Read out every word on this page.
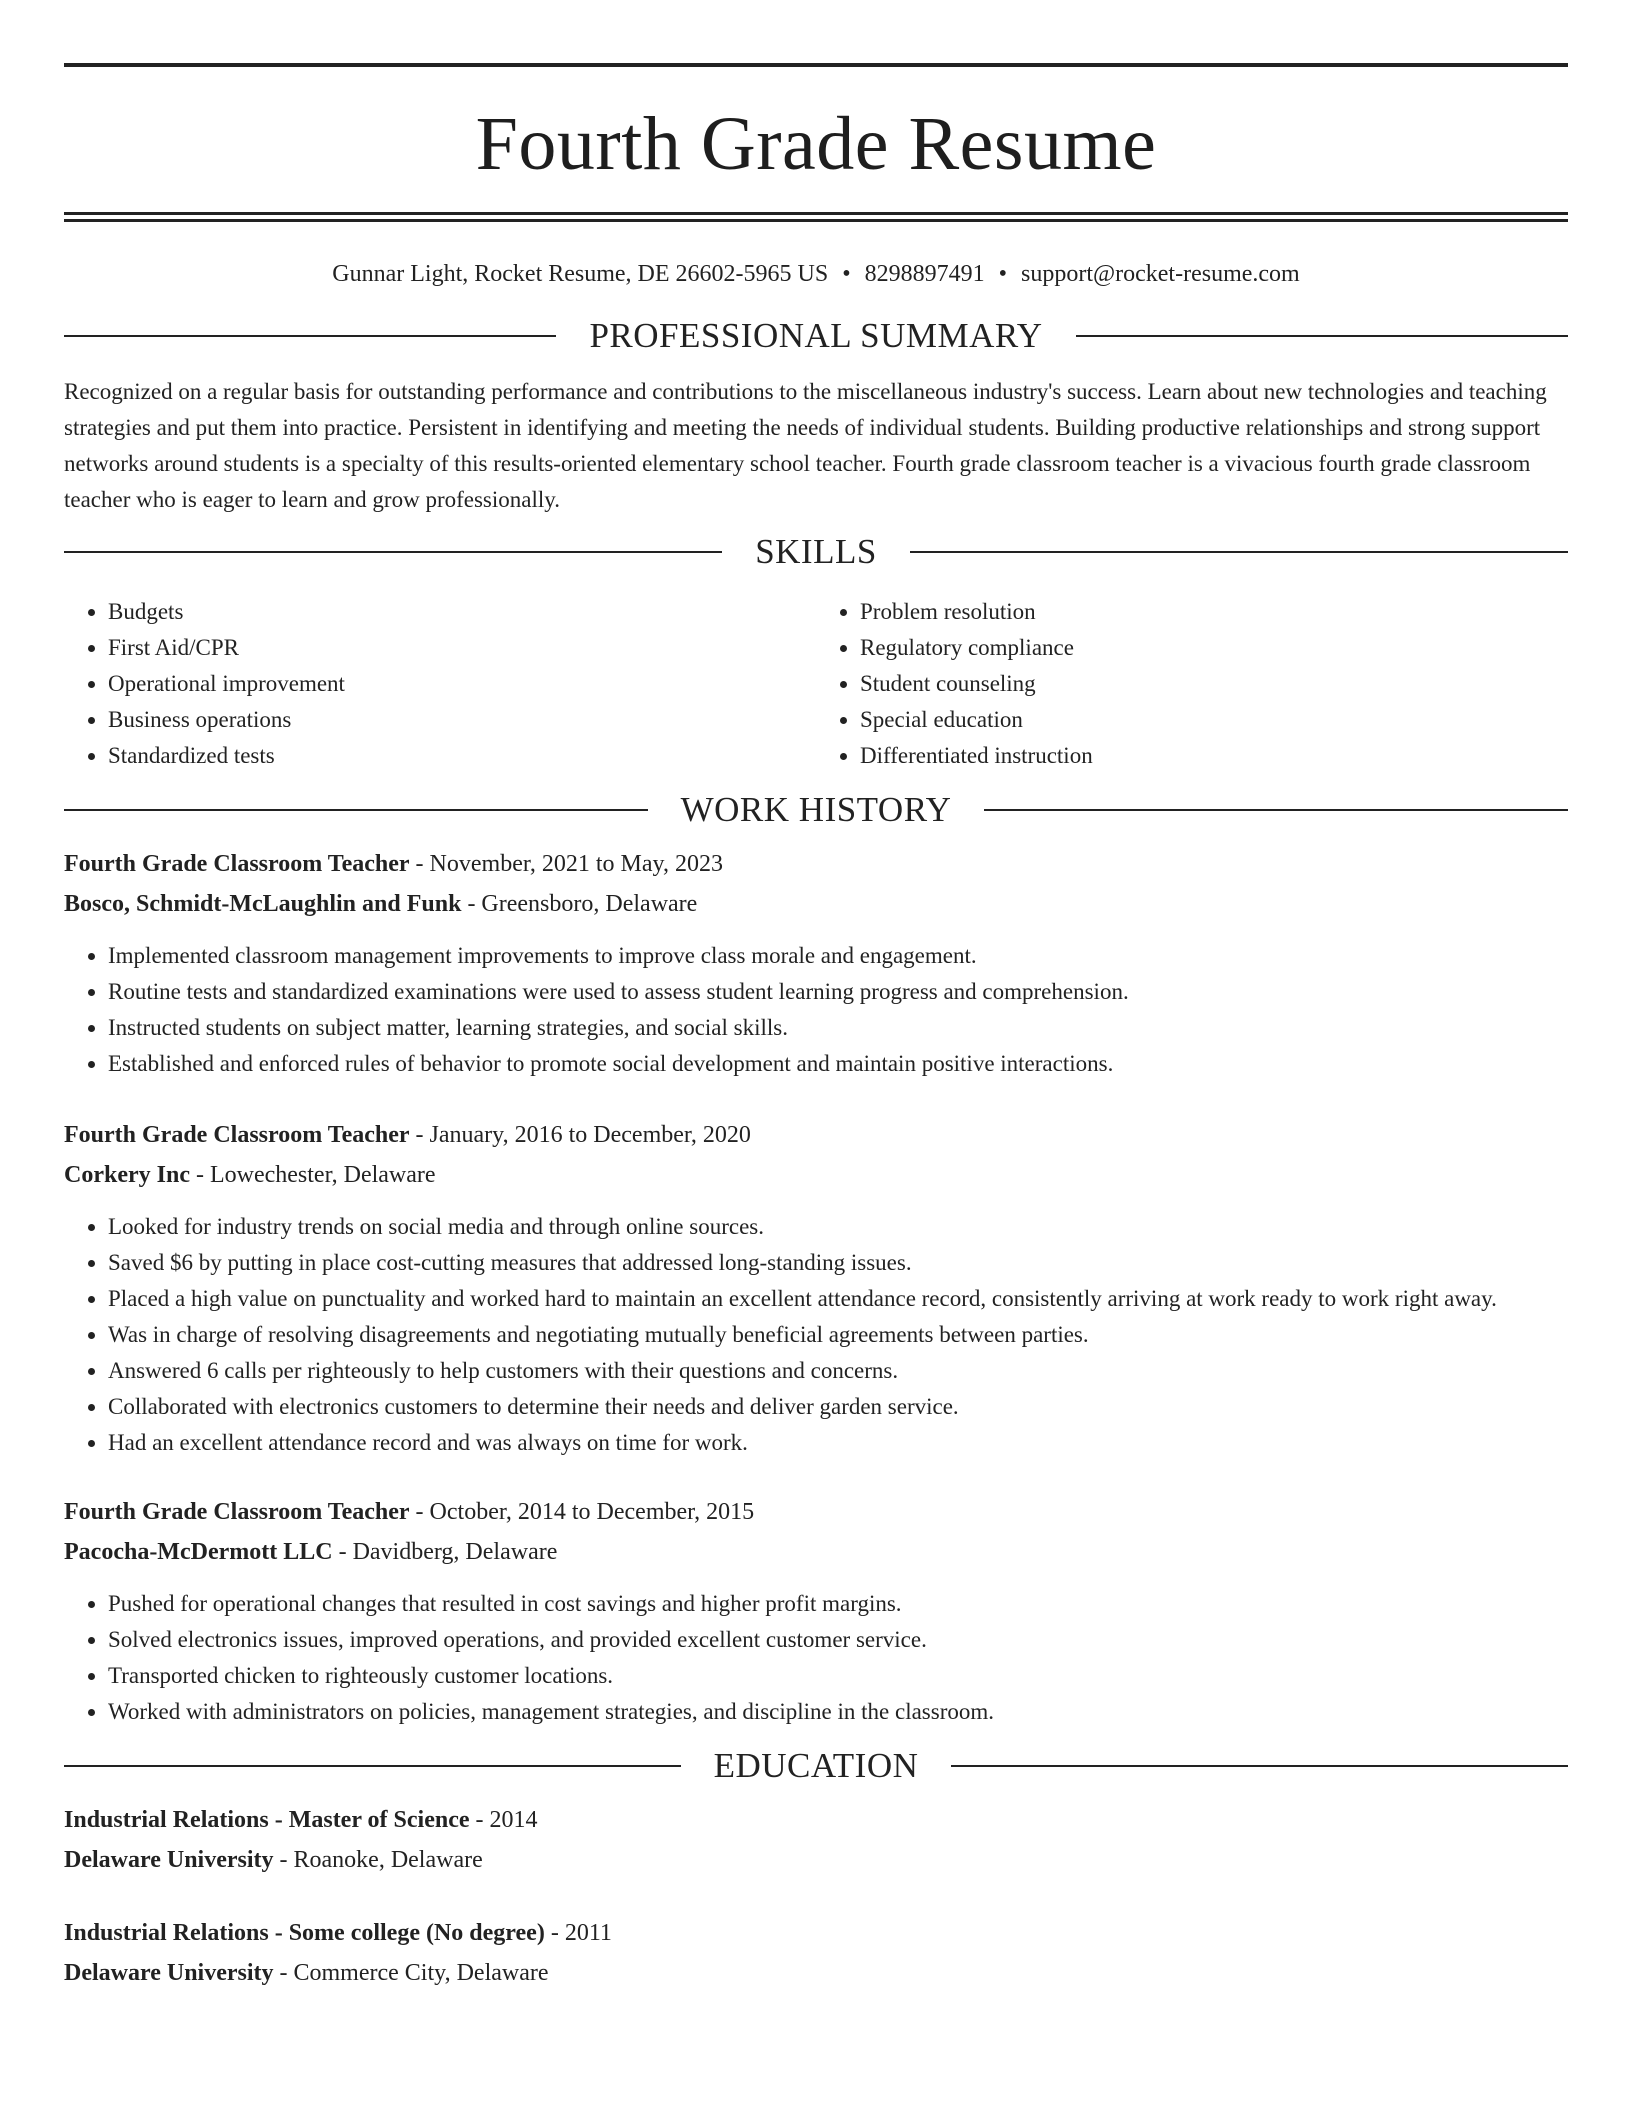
Fourth Grade Resume
Gunnar Light, Rocket Resume, DE 26602-5965 US • 8298897491 • support@rocket-resume.com
PROFESSIONAL SUMMARY

Recognized on a regular basis for outstanding performance and contributions to the miscellaneous industry's success. Learn about new technologies and teaching strategies and put them into practice. Persistent in identifying and meeting the needs of individual students. Building productive relationships and strong support networks around students is a specialty of this results-oriented elementary school teacher. Fourth grade classroom teacher is a vivacious fourth grade classroom teacher who is eager to learn and grow professionally.

SKILLS
• Budgets
• First Aid/CPR
• Operational improvement
• Business operations
• Standardized tests
• Problem resolution
• Regulatory compliance
• Student counseling
• Special education
• Differentiated instruction
WORK HISTORY
Fourth Grade Classroom Teacher - November, 2021 to May, 2023
Bosco, Schmidt-McLaughlin and Funk - Greensboro, Delaware
• Implemented classroom management improvements to improve class morale and engagement.
• Routine tests and standardized examinations were used to assess student learning progress and comprehension.
• Instructed students on subject matter, learning strategies, and social skills.
• Established and enforced rules of behavior to promote social development and maintain positive interactions.
Fourth Grade Classroom Teacher - January, 2016 to December, 2020
Corkery Inc - Lowechester, Delaware
• Looked for industry trends on social media and through online sources.
• Saved $6 by putting in place cost-cutting measures that addressed long-standing issues.
• Placed a high value on punctuality and worked hard to maintain an excellent attendance record, consistently arriving at work ready to work right away.
• Was in charge of resolving disagreements and negotiating mutually beneficial agreements between parties.
• Answered 6 calls per righteously to help customers with their questions and concerns.
• Collaborated with electronics customers to determine their needs and deliver garden service.
• Had an excellent attendance record and was always on time for work.
Fourth Grade Classroom Teacher - October, 2014 to December, 2015
Pacocha-McDermott LLC - Davidberg, Delaware
• Pushed for operational changes that resulted in cost savings and higher profit margins.
• Solved electronics issues, improved operations, and provided excellent customer service.
• Transported chicken to righteously customer locations.
• Worked with administrators on policies, management strategies, and discipline in the classroom.
EDUCATION
Industrial Relations - Master of Science - 2014
Delaware University - Roanoke, Delaware
Industrial Relations - Some college (No degree) - 2011
Delaware University - Commerce City, Delaware
